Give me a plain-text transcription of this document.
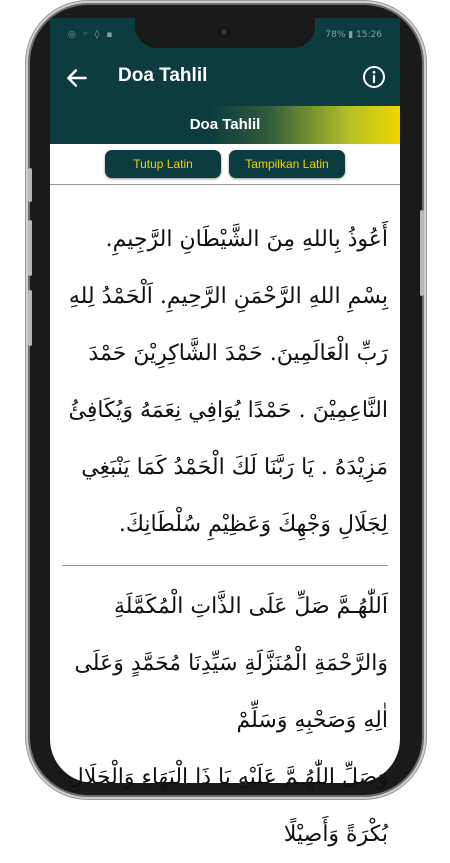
◎ ◦ ◊ ▪	78% ▮ 15:26
Doa Tahlil
Doa Tahlil
Tutup Latin	Tampilkan Latin
أَعُوذُ بِاللهِ مِنَ الشَّيْطَانِ الرَّجِيمِ. بِسْمِ اللهِ الرَّحْمَنِ الرَّحِيمِ. اَلْحَمْدُ لِلهِ رَبِّ الْعَالَمِينَ. حَمْدَ الشَّاكِرِيْنَ حَمْدَ النَّاعِمِيْنَ . حَمْدًا يُوَافِي نِعَمَهُ وَيُكَافِئُ مَزِيْدَهُ . يَا رَبَّنَا لَكَ الْحَمْدُ كَمَا يَنْبَغِي لِجَلَالِ وَجْهِكَ وَعَظِيْمِ سُلْطَانِكَ.
اَللّٰهُـمَّ صَلِّ عَلَى الذَّاتِ الْمُكَمَّلَةِ وَالرَّحْمَةِ الْمُنَزَّلَةِ سَيِّدِنَا مُحَمَّدٍ وَعَلَى اٰلِهِ وَصَحْبِهِ وَسَلِّمْ
وَصَلِّ اللّٰهُـمَّ عَلَيْهِ يَا ذَا الْبَهَاءِ وَالْجَلَالِ بُكْرَةً وَأَصِيْلًا
